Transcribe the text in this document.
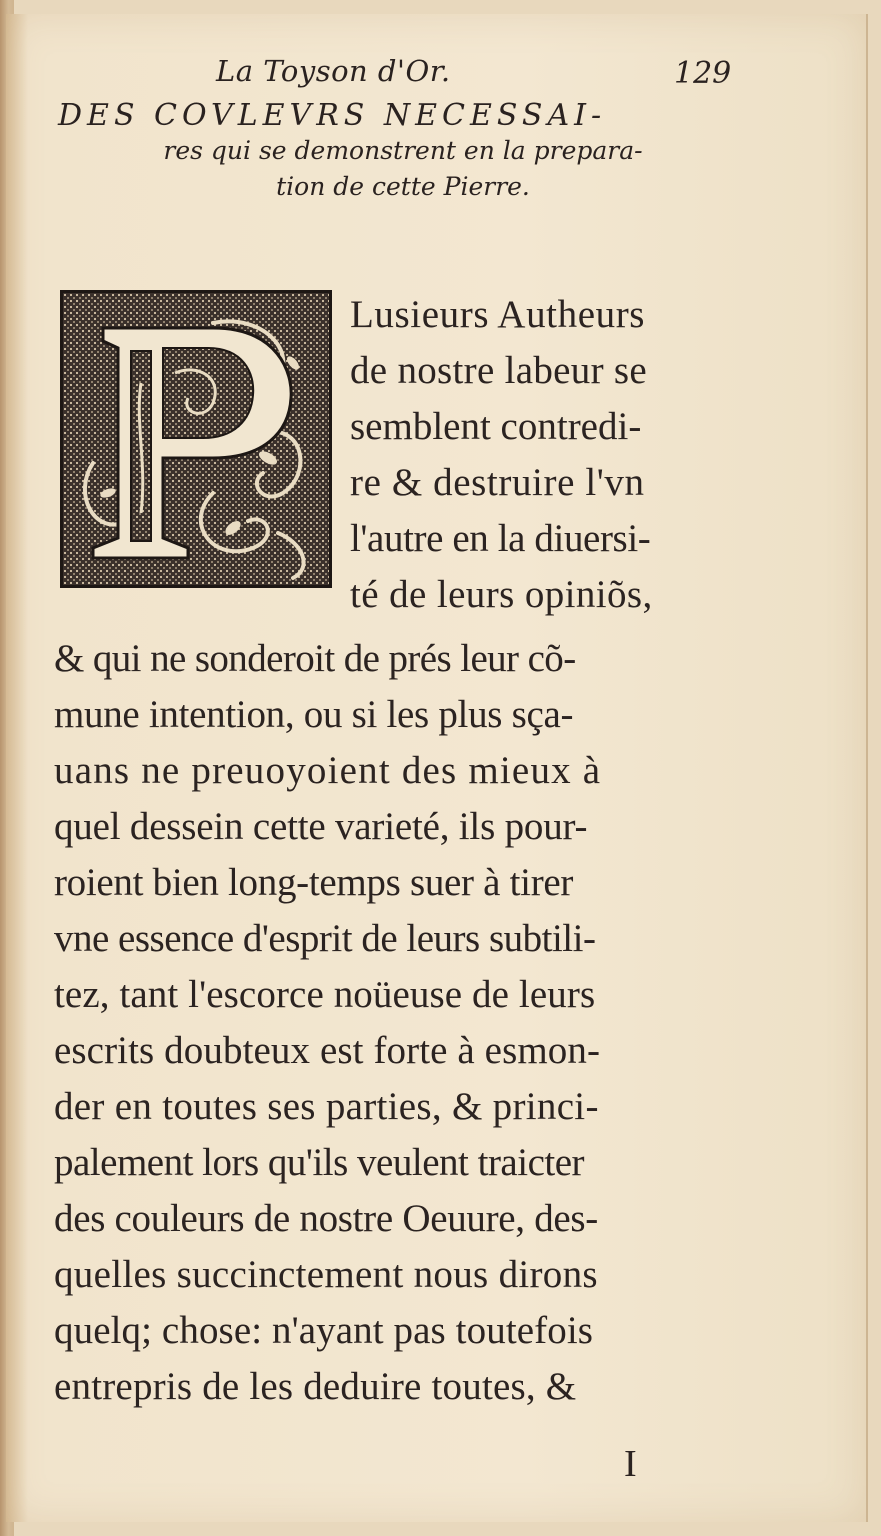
La Toyson d'Or.	129
DES COVLEVRS NECESSAI-
res qui se demonstrent en la prepara-
tion de cette Pierre.
Lusieurs Autheurs
de nostre labeur se
semblent contredi-
re & destruire l'vn
l'autre en la diuersi-
té de leurs opiniõs,
& qui ne sonderoit de prés leur cõ-
mune intention, ou si les plus sça-
uans ne preuoyoient des mieux à
quel dessein cette varieté, ils pour-
roient bien long-temps suer à tirer
vne essence d'esprit de leurs subtili-
tez, tant l'escorce noüeuse de leurs
escrits doubteux est forte à esmon-
der en toutes ses parties, & princi-
palement lors qu'ils veulent traicter
des couleurs de nostre Oeuure, des-
quelles succinctement nous dirons
quelq; chose: n'ayant pas toutefois
entrepris de les deduire toutes, &
I
